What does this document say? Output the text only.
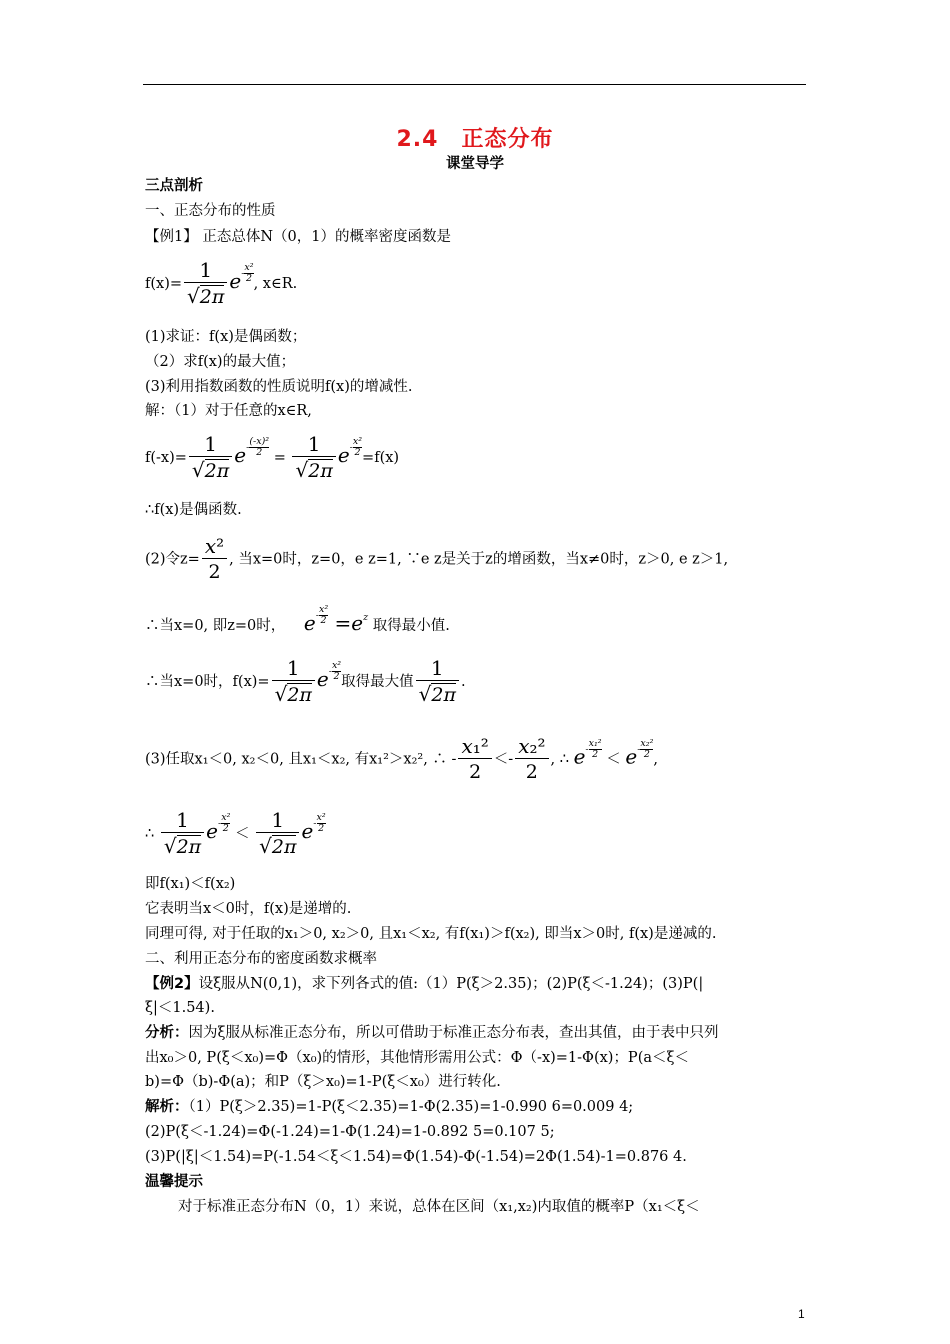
2.4　正态分布
课堂导学
三点剖析
一、正态分布的性质
【例1】 正态总体N（0，1）的概率密度函数是
$f(x)= \frac{1}{√2\pi} e- \frac{\text{x²}}{2}$ , x∈R.
(1)求证：f(x)是偶函数；
（2）求f(x)的最大值；
(3)利用指数函数的性质说明f(x)的增减性.
解：（1）对于任意的x∈R,
$f(-x)= \frac{1}{√2\pi} e- \frac{\text{(-x)²}}{2} = \frac{1}{√2\pi} e- \frac{\text{x²}}{2} =f(x)$
∴f(x)是偶函数.
(2)令$z= \frac{\text{x²}}{2}$ , 当x=0时，z=0，e z=1, ∵e z是关于z的增函数，当x≠0时，z＞0, e z＞1,
∴当x=0, 即z=0时， $e- \frac{\text{x²}}{2} =ez$ 取得最小值.
∴当x=0时，$f(x)= \frac{1}{√2\pi} e- \frac{\text{x²}}{2}$ 取得最大值 $\frac{1}{√2\pi}$ .
(3)任取x₁＜0, x₂＜0, 且x₁＜x₂, 有x₁²＞x₂², ∴ - $\frac{\text{x₁²}}{2} <- \frac{\text{x₂²}}{2}$ , ∴ $e- \frac{\text{x₁²}}{2} < e- \frac{\text{x₂²}}{2}$ ,
∴ $\frac{1}{√2\pi} e- \frac{\text{x²}}{2} < \frac{1}{√2\pi} e- \frac{\text{x²}}{2}$
即f(x₁)＜f(x₂)
它表明当x＜0时，f(x)是递增的.
同理可得, 对于任取的x₁＞0, x₂＞0, 且x₁＜x₂, 有f(x₁)＞f(x₂), 即当x＞0时, f(x)是递减的.
二、利用正态分布的密度函数求概率
【例2】设ξ服从N(0,1)，求下列各式的值:（1）P(ξ＞2.35)；(2)P(ξ＜-1.24)；(3)P(|
ξ|＜1.54).
分析：因为ξ服从标准正态分布，所以可借助于标准正态分布表，查出其值，由于表中只列
出x₀＞0, P(ξ＜x₀)=Φ（x₀)的情形，其他情形需用公式：Φ（-x)=1-Φ(x)；P(a＜ξ＜
b)=Φ（b)-Φ(a)；和P（ξ＞x₀)=1-P(ξ＜x₀）进行转化.
解析：（1）P(ξ＞2.35)=1-P(ξ＜2.35)=1-Φ(2.35)=1-0.990 6=0.009 4;
(2)P(ξ＜-1.24)=Φ(-1.24)=1-Φ(1.24)=1-0.892 5=0.107 5;
(3)P(|ξ|＜1.54)=P(-1.54＜ξ＜1.54)=Φ(1.54)-Φ(-1.54)=2Φ(1.54)-1=0.876 4.
温馨提示
对于标准正态分布N（0，1）来说，总体在区间（x₁,x₂)内取值的概率P（x₁＜ξ＜
1
